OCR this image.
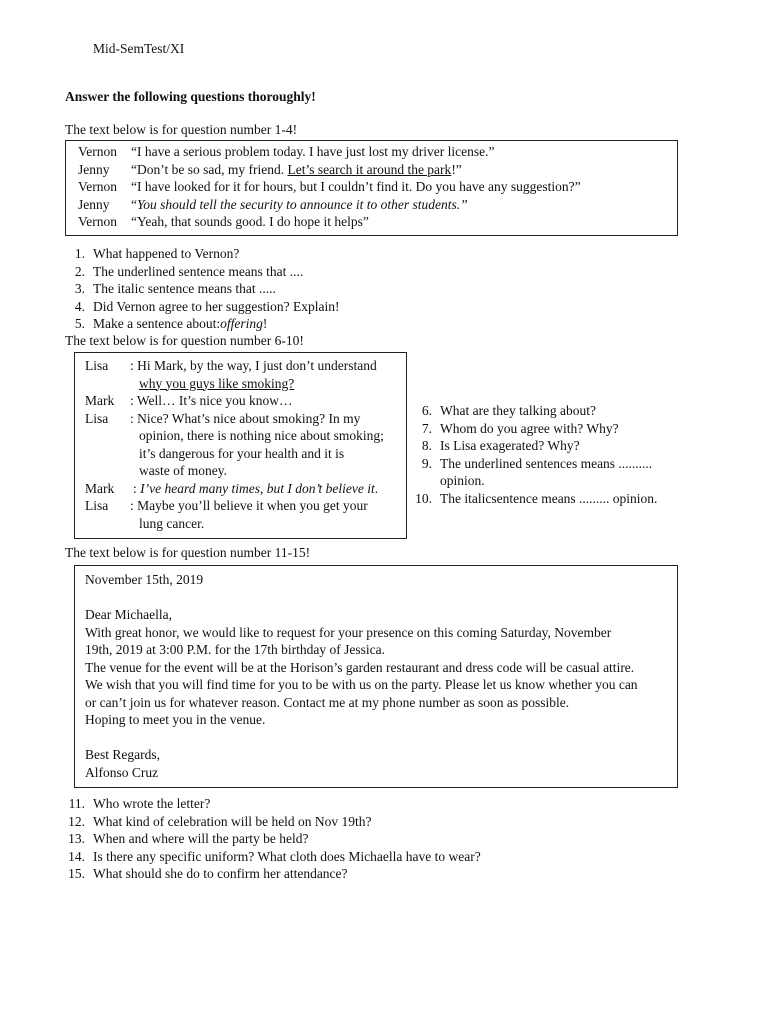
Mid-SemTest/XI
Answer the following questions thoroughly!
The text below is for question number 1-4!
Vernon	“I have a serious problem today. I have just lost my driver license.”
Jenny	“Don’t be so sad, my friend. Let’s search it around the park!”
Vernon	“I have looked for it for hours, but I couldn’t find it. Do you have any suggestion?”
Jenny	“You should tell the security to announce it to other students.”
Vernon	“Yeah, that sounds good. I do hope it helps”
1. What happened to Vernon?
2. The underlined sentence means that ....
3. The italic sentence means that .....
4. Did Vernon agree to her suggestion? Explain!
5. Make a sentence about:offering!
The text below is for question number 6-10!
Lisa	: Hi Mark, by the way, I just don’t understand
why you guys like smoking?
Mark	: Well… It’s nice you know…
Lisa	: Nice? What’s nice about smoking? In my
opinion, there is nothing nice about smoking;
it’s dangerous for your health and it is
waste of money.
Mark	: I’ve heard many times, but I don’t believe it.
Lisa	: Maybe you’ll believe it when you get your
lung cancer.
6. What are they talking about?
7. Whom do you agree with? Why?
8. Is Lisa exagerated? Why?
9. The underlined sentences means ..........
opinion.
10. The italicsentence means ......... opinion.
The text below is for question number 11-15!

November 15th, 2019

Dear Michaella,

With great honor, we would like to request for your presence on this coming Saturday, November

19th, 2019 at 3:00 P.M. for the 17th birthday of Jessica.

The venue for the event will be at the Horison’s garden restaurant and dress code will be casual attire.

We wish that you will find time for you to be with us on the party. Please let us know whether you can

or can’t join us for whatever reason. Contact me at my phone number as soon as possible.

Hoping to meet you in the venue.

Best Regards,

Alfonso Cruz

11. Who wrote the letter?
12. What kind of celebration will be held on Nov 19th?
13. When and where will the party be held?
14. Is there any specific uniform? What cloth does Michaella have to wear?
15. What should she do to confirm her attendance?
